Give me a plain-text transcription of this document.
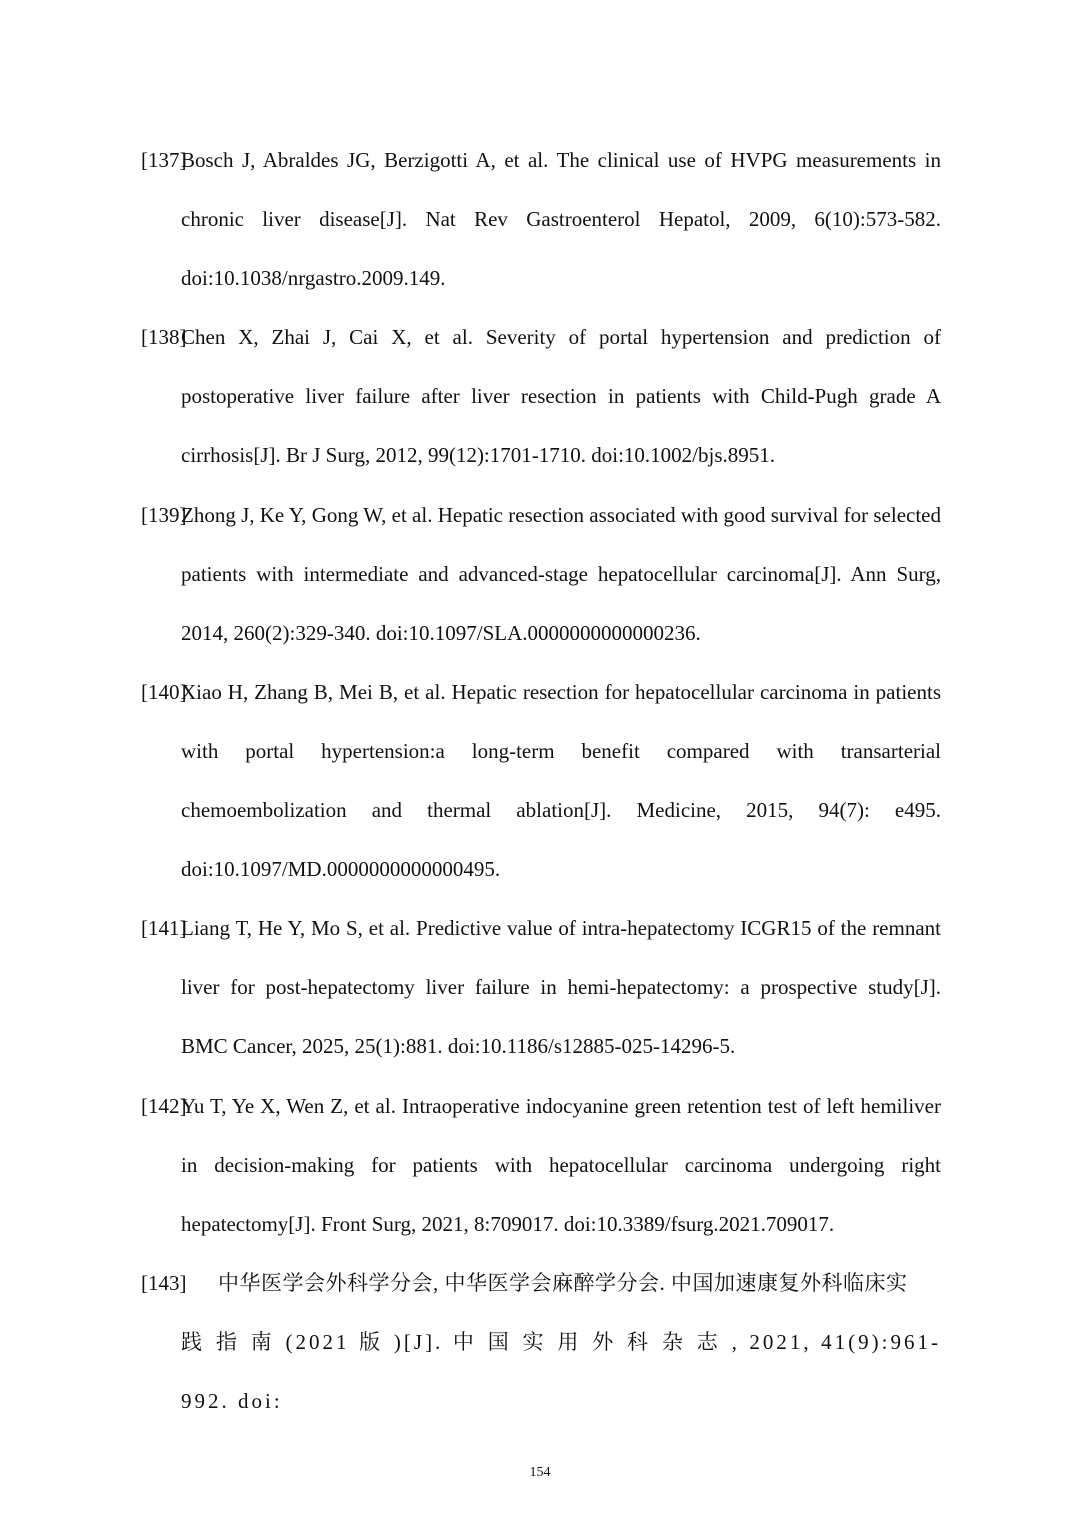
[137]
Bosch J, Abraldes JG, Berzigotti A, et al. The clinical use of HVPG measurements in chronic liver disease[J]. Nat Rev Gastroenterol Hepatol, 2009, 6(10):573-582. doi:10.1038/nrgastro.2009.149.
[138]
Chen X, Zhai J, Cai X, et al. Severity of portal hypertension and prediction of postoperative liver failure after liver resection in patients with Child-Pugh grade A cirrhosis[J]. Br J Surg, 2012, 99(12):1701-1710. doi:10.1002/bjs.8951.
[139]
Zhong J, Ke Y, Gong W, et al. Hepatic resection associated with good survival for selected patients with intermediate and advanced-stage hepatocellular carcinoma[J]. Ann Surg, 2014, 260(2):329-340. doi:10.1097/SLA.0000000000000236.
[140]
Xiao H, Zhang B, Mei B, et al. Hepatic resection for hepatocellular carcinoma in patients with portal hypertension:a long-term benefit compared with transarterial chemoembolization and thermal ablation[J]. Medicine, 2015, 94(7): e495. doi:10.1097/MD.0000000000000495.
[141]
Liang T, He Y, Mo S, et al. Predictive value of intra-hepatectomy ICGR15 of the remnant liver for post-hepatectomy liver failure in hemi-hepatectomy: a prospective study[J]. BMC Cancer, 2025, 25(1):881. doi:10.1186/s12885-025-14296-5.
[142]
Yu T, Ye X, Wen Z, et al. Intraoperative indocyanine green retention test of left hemiliver in decision-making for patients with hepatocellular carcinoma undergoing right hepatectomy[J]. Front Surg, 2021, 8:709017. doi:10.3389/fsurg.2021.709017.
[143]	中华医学会外科学分会, 中华医学会麻醉学分会. 中国加速康复外科临床实
践 指 南 (2021 版 )[J]. 中 国 实 用 外 科 杂 志 , 2021, 41(9):961-992. doi:
154
